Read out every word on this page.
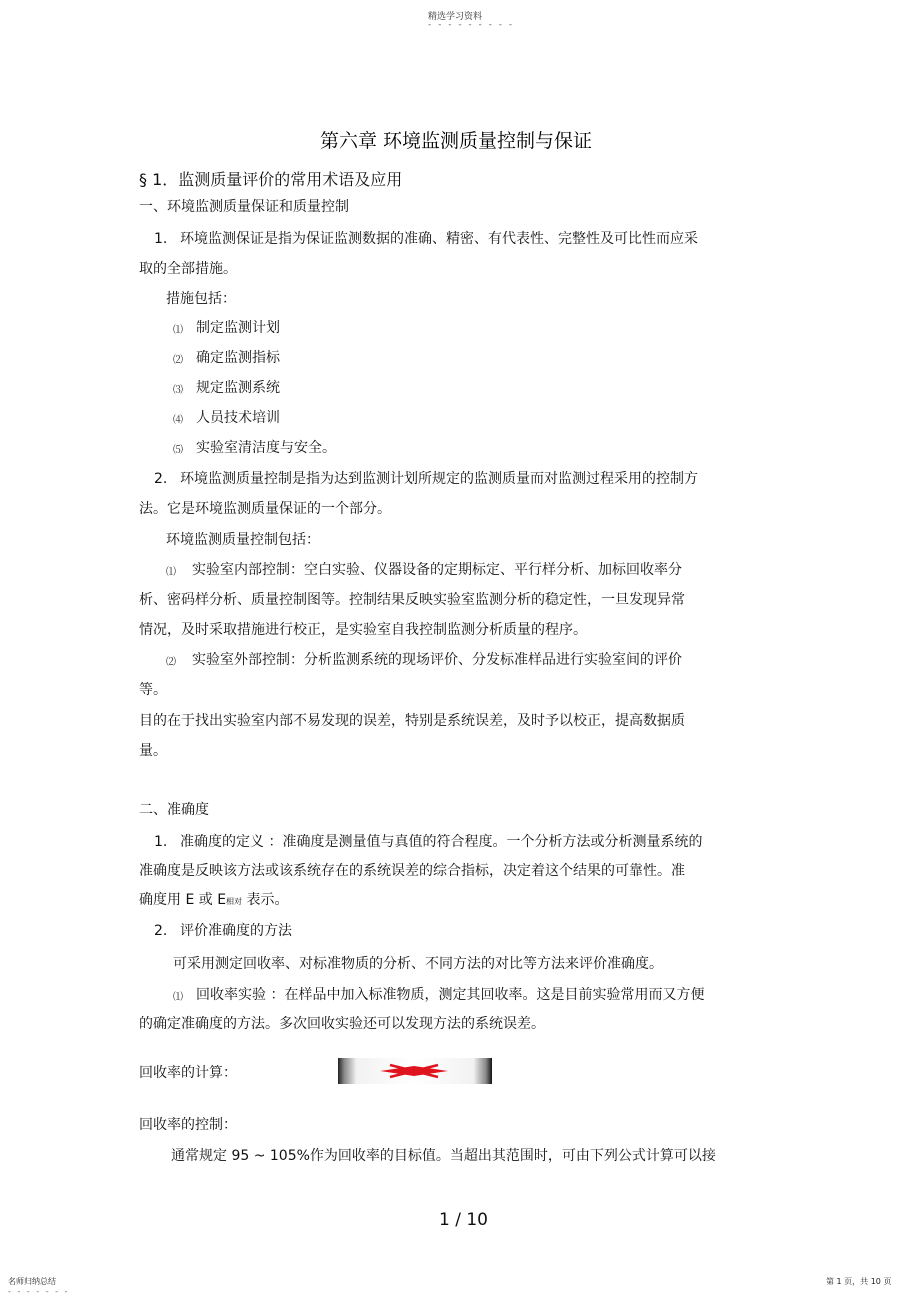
精选学习资料
- - - - - - - - -
第六章 环境监测质量控制与保证
§ 1．监测质量评价的常用术语及应用
一、环境监测质量保证和质量控制
1. 环境监测保证是指为保证监测数据的准确、精密、有代表性、完整性及可比性而应采
取的全部措施。
措施包括：
⑴ 制定监测计划
⑵ 确定监测指标
⑶ 规定监测系统
⑷ 人员技术培训
⑸ 实验室清洁度与安全。
2. 环境监测质量控制是指为达到监测计划所规定的监测质量而对监测过程采用的控制方
法。它是环境监测质量保证的一个部分。
环境监测质量控制包括：
⑴ 实验室内部控制：空白实验、仪器设备的定期标定、平行样分析、加标回收率分
析、密码样分析、质量控制图等。控制结果反映实验室监测分析的稳定性，一旦发现异常
情况，及时采取措施进行校正，是实验室自我控制监测分析质量的程序。
⑵ 实验室外部控制：分析监测系统的现场评价、分发标准样品进行实验室间的评价
等。
目的在于找出实验室内部不易发现的误差，特别是系统误差，及时予以校正，提高数据质
量。
二、准确度
1. 准确度的定义 ：准确度是测量值与真值的符合程度。一个分析方法或分析测量系统的
准确度是反映该方法或该系统存在的系统误差的综合指标，决定着这个结果的可靠性。准
确度用 E 或 E相对 表示。
2. 评价准确度的方法
可采用测定回收率、对标准物质的分析、不同方法的对比等方法来评价准确度。
⑴ 回收率实验 ：在样品中加入标准物质，测定其回收率。这是目前实验常用而又方便
的确定准确度的方法。多次回收实验还可以发现方法的系统误差。
回收率的计算：
回收率的控制：
通常规定 95 ~ 105%作为回收率的目标值。当超出其范围时，可由下列公式计算可以接
1 / 10
名师归纳总结
- - - - - - -
第 1 页，共 10 页
